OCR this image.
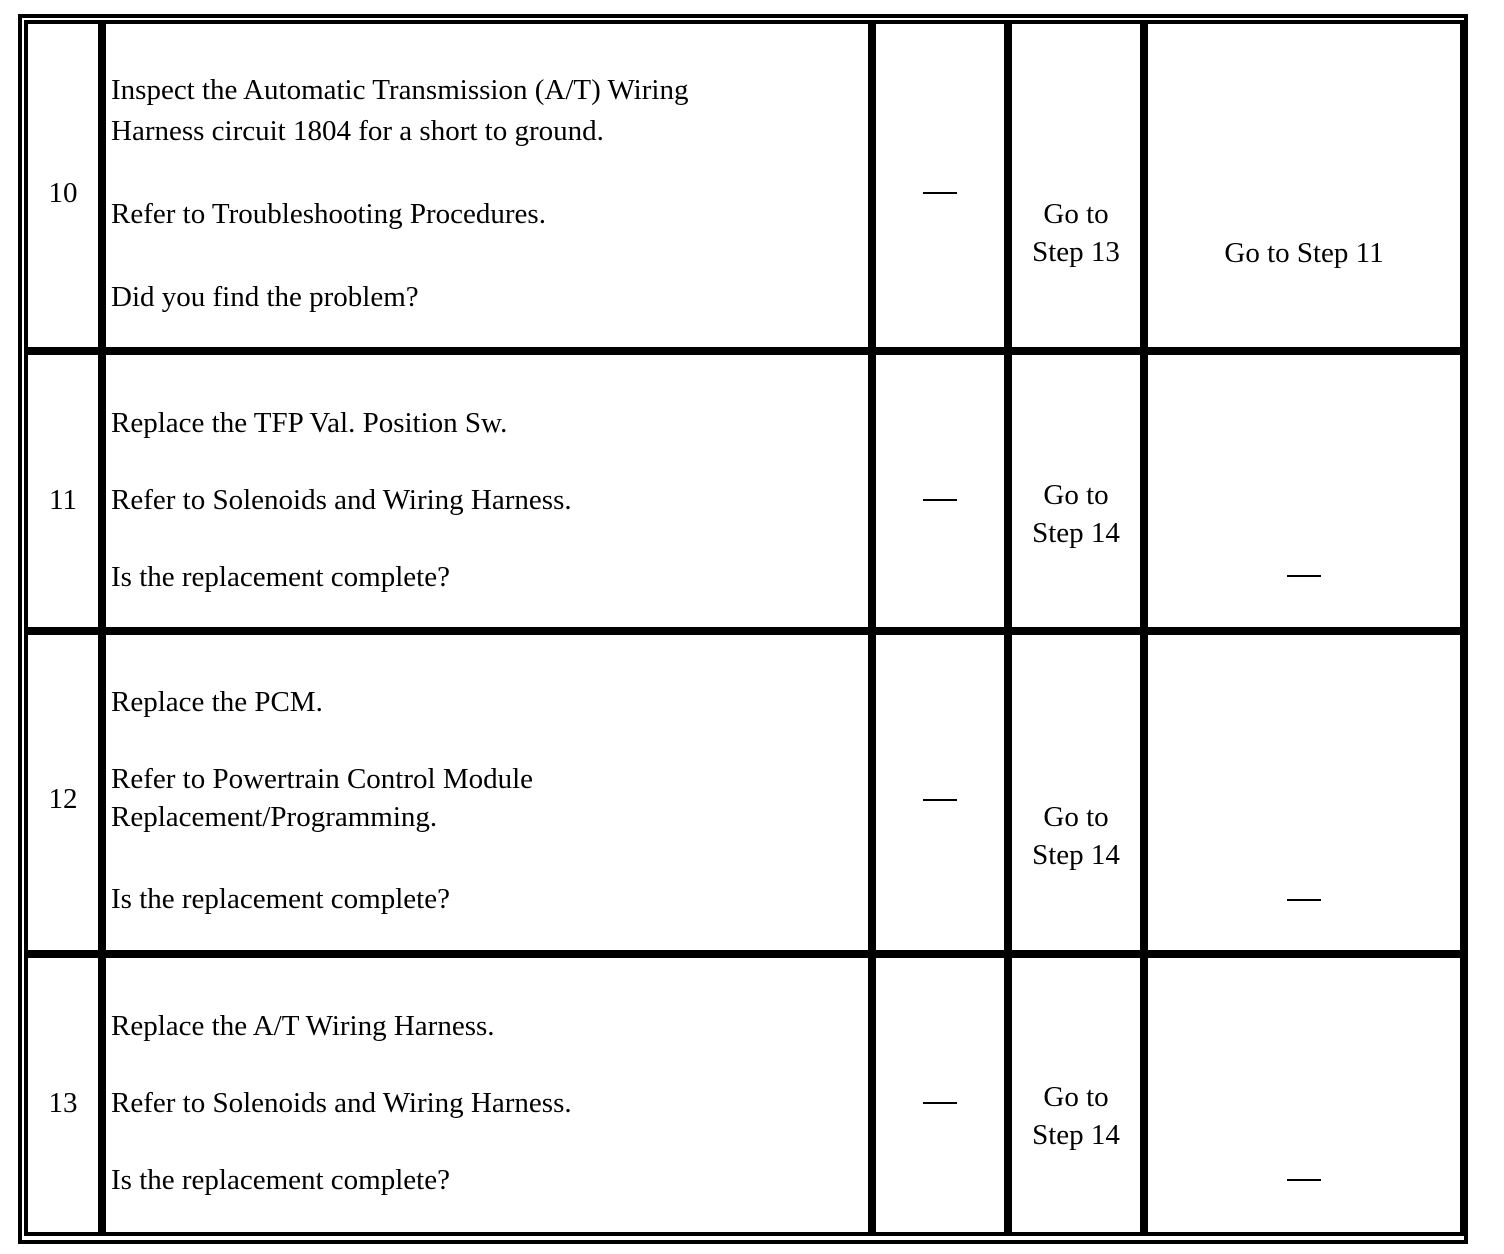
10
Inspect the Automatic Transmission (A/T) Wiring
Harness circuit 1804 for a short to ground.
Refer to Troubleshooting Procedures.
Did you find the problem?
Go to
Step 13	Go to Step 11
11
Replace the TFP Val. Position Sw.
Refer to Solenoids and Wiring Harness.
Is the replacement complete?
Go to
Step 14
12
Replace the PCM.
Refer to Powertrain Control Module
Replacement/Programming.
Is the replacement complete?
Go to
Step 14
13
Replace the A/T Wiring Harness.
Refer to Solenoids and Wiring Harness.
Is the replacement complete?
Go to
Step 14
